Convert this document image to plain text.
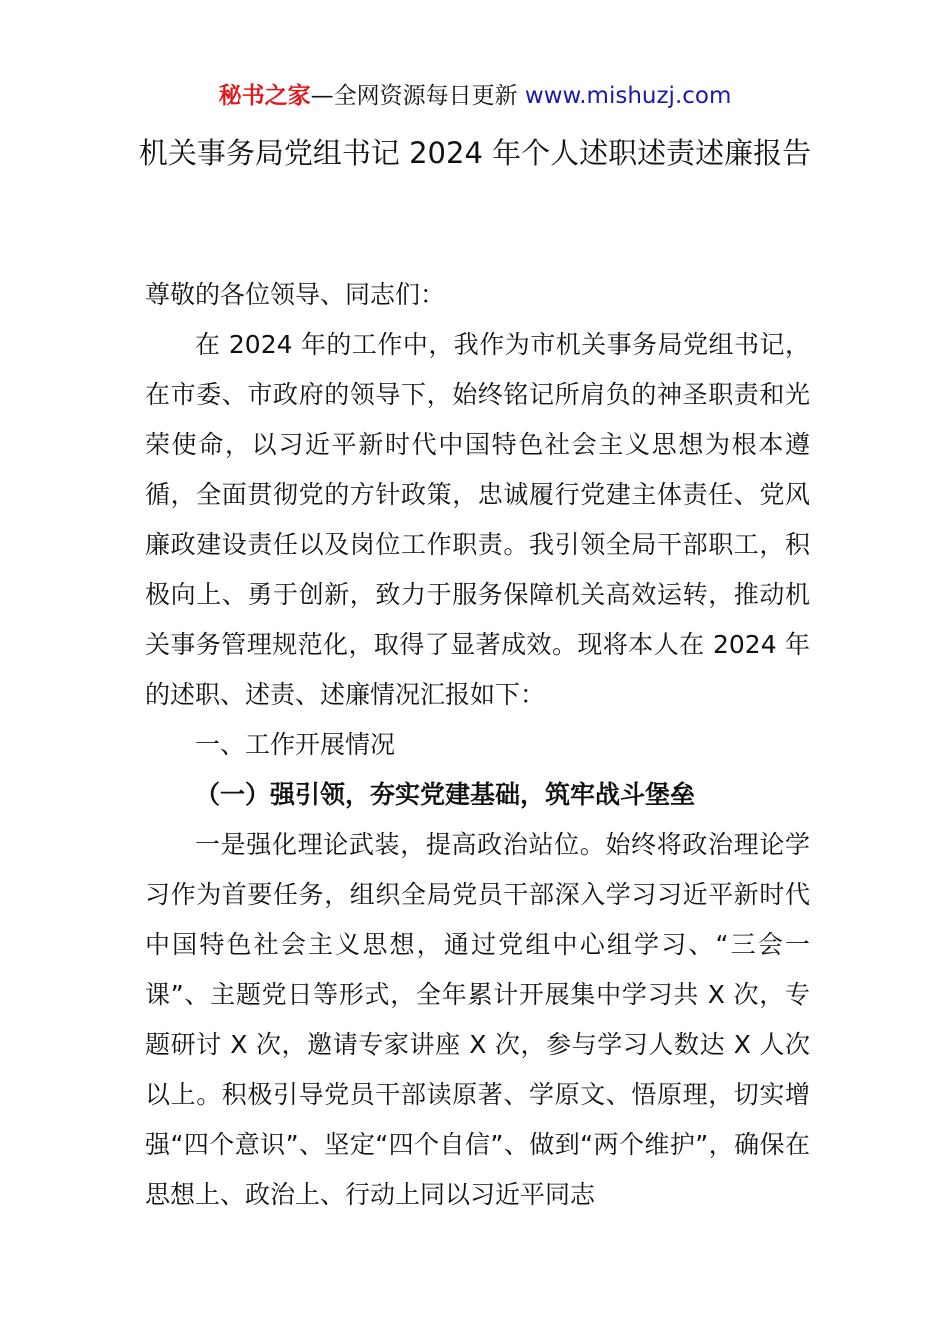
秘书之家—全网资源每日更新 www.mishuzj.com
机关事务局党组书记 2024 年个人述职述责述廉报告

尊敬的各位领导、同志们：

在 2024 年的工作中，我作为市机关事务局党组书记，在市委、市政府的领导下，始终铭记所肩负的神圣职责和光荣使命，以习近平新时代中国特色社会主义思想为根本遵循，全面贯彻党的方针政策，忠诚履行党建主体责任、党风廉政建设责任以及岗位工作职责。我引领全局干部职工，积极向上、勇于创新，致力于服务保障机关高效运转，推动机关事务管理规范化，取得了显著成效。现将本人在 2024 年的述职、述责、述廉情况汇报如下：

一、工作开展情况

（一）强引领，夯实党建基础，筑牢战斗堡垒

一是强化理论武装，提高政治站位。始终将政治理论学习作为首要任务，组织全局党员干部深入学习习近平新时代中国特色社会主义思想，通过党组中心组学习、“三会一课”、主题党日等形式，全年累计开展集中学习共 X 次，专题研讨 X 次，邀请专家讲座 X 次，参与学习人数达 X 人次以上。积极引导党员干部读原著、学原文、悟原理，切实增强“四个意识”、坚定“四个自信”、做到“两个维护”，确保在思想上、政治上、行动上同以习近平同志
